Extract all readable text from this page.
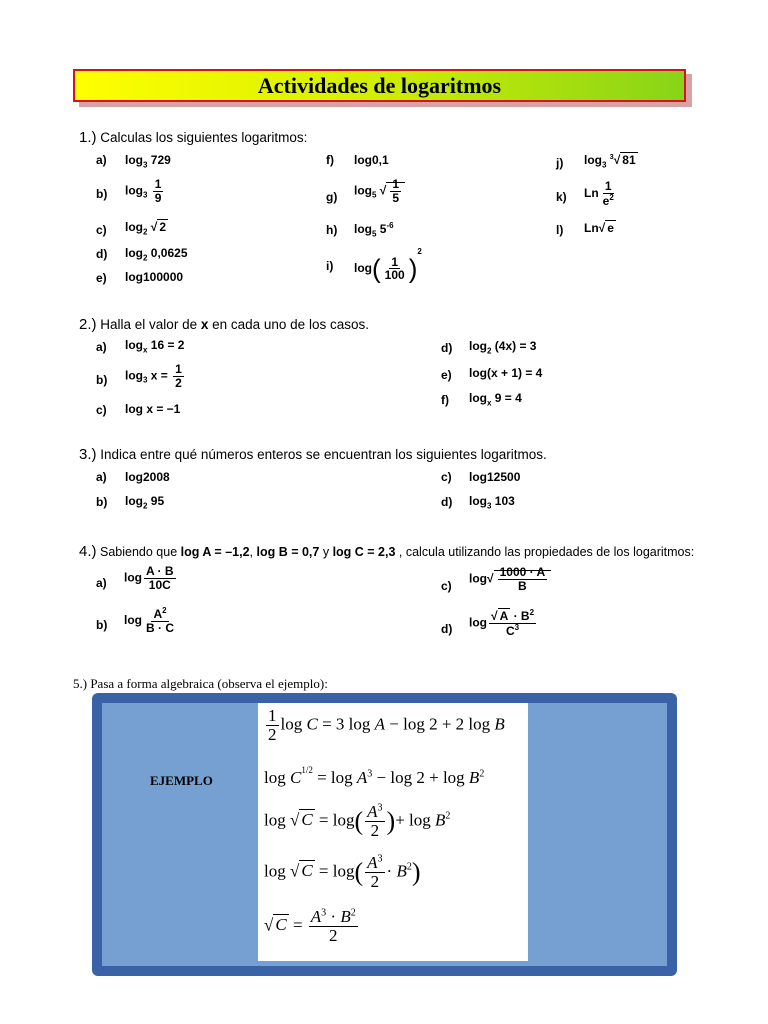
Actividades de logaritmos
1.) Calculas los siguientes logaritmos:
a) $\log_3 729$
b) $\log_3 \frac{1}{9}$
c) $\log_2$ √ 2
d) $\log_2 0,0625$
e) log100000
f) log0,1
g) $\log_5$ √ $\frac{1}{5}$
h) $\log_5 5^{-6}$
i) $\log( \frac{1}{100} )^2$
j) $\log_3 ^3√$ 81
k) Ln $\frac{1}{e^2}$
l) Ln√ e
2.) Halla el valor de x en cada uno de los casos.
a) $\log_x 16 = 2$
b) $\log_3 x = \frac{1}{2}$
c) log x = −1
d) $\log_2 (4x) = 3$
e) log(x + 1) = 4
f) $\log_x 9 = 4$
3.) Indica entre qué números enteros se encuentran los siguientes logaritmos.
a) log2008
b) $\log_2 95$
c) log12500
d) $\log_3 103$
4.) Sabiendo que log A = –1,2, log B = 0,7 y log C = 2,3 , calcula utilizando las propiedades de los logaritmos:
a) $\log \frac{A \cdot B}{10C}$
b) $\log \frac{A^2}{B \cdot C}$
c)
$\log√ \frac{1000 \cdot A}{B}$
d) $\log \frac{√ A \cdot B^2}{C^3}$
5.) Pasa a forma algebraica (observa el ejemplo):
EJEMPLO
$\frac{1}{2}$ log C = 3 log A − log 2 + 2 log B
$\log C^{1/2} = \log A^3 - \log 2 + \log B^2$
log √ $C = \log( \frac{A^3}{2}$ )+ $\log B^2$
log √ $C = \log( \frac{A^3}{2} \cdot B^2)$
√ $C = \frac{A^3 \cdot B^2}{2}$
